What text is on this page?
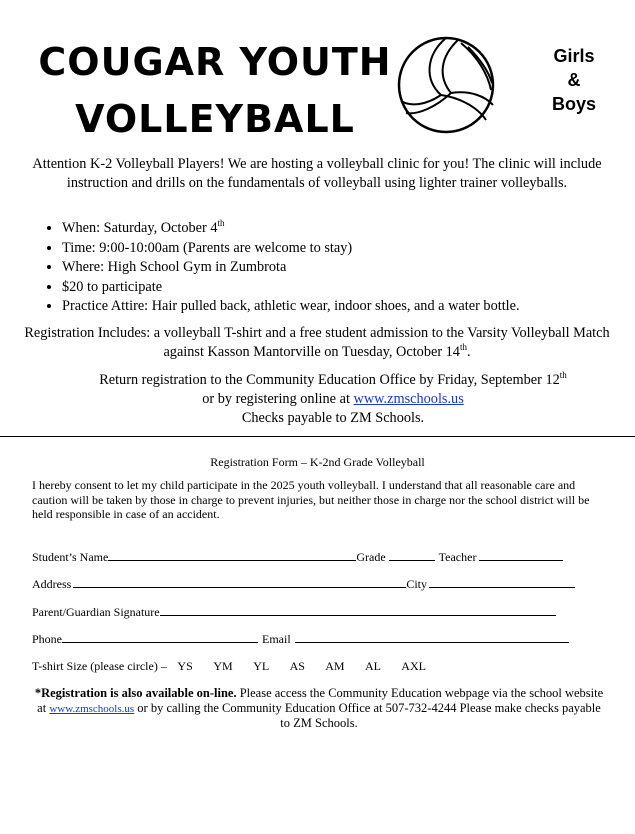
COUGAR YOUTH
VOLLEYBALL
Girls
&
Boys
Attention K-2 Volleyball Players! We are hosting a volleyball clinic for you! The clinic will include instruction and drills on the fundamentals of volleyball using lighter trainer volleyballs.
• When: Saturday, October 4th
• Time: 9:00-10:00am (Parents are welcome to stay)
• Where: High School Gym in Zumbrota
• $20 to participate
• Practice Attire: Hair pulled back, athletic wear, indoor shoes, and a water bottle.
Registration Includes: a volleyball T-shirt and a free student admission to the Varsity Volleyball Match against Kasson Mantorville on Tuesday, October 14th.
Return registration to the Community Education Office by Friday, September 12th
or by registering online at www.zmschools.us
Checks payable to ZM Schools.
Registration Form – K-2nd Grade Volleyball
I hereby consent to let my child participate in the 2025 youth volleyball. I understand that all reasonable care and caution will be taken by those in charge to prevent injuries, but neither those in charge nor the school district will be held responsible in case of an accident.
Student’s Name	Grade	Teacher
Address	City
Parent/Guardian Signature
Phone	Email
T-shirt Size (please circle) – YS YM YL AS AM AL AXL
*Registration is also available on-line. Please access the Community Education webpage via the school website at www.zmschools.us or by calling the Community Education Office at 507-732-4244 Please make checks payable to ZM Schools.
